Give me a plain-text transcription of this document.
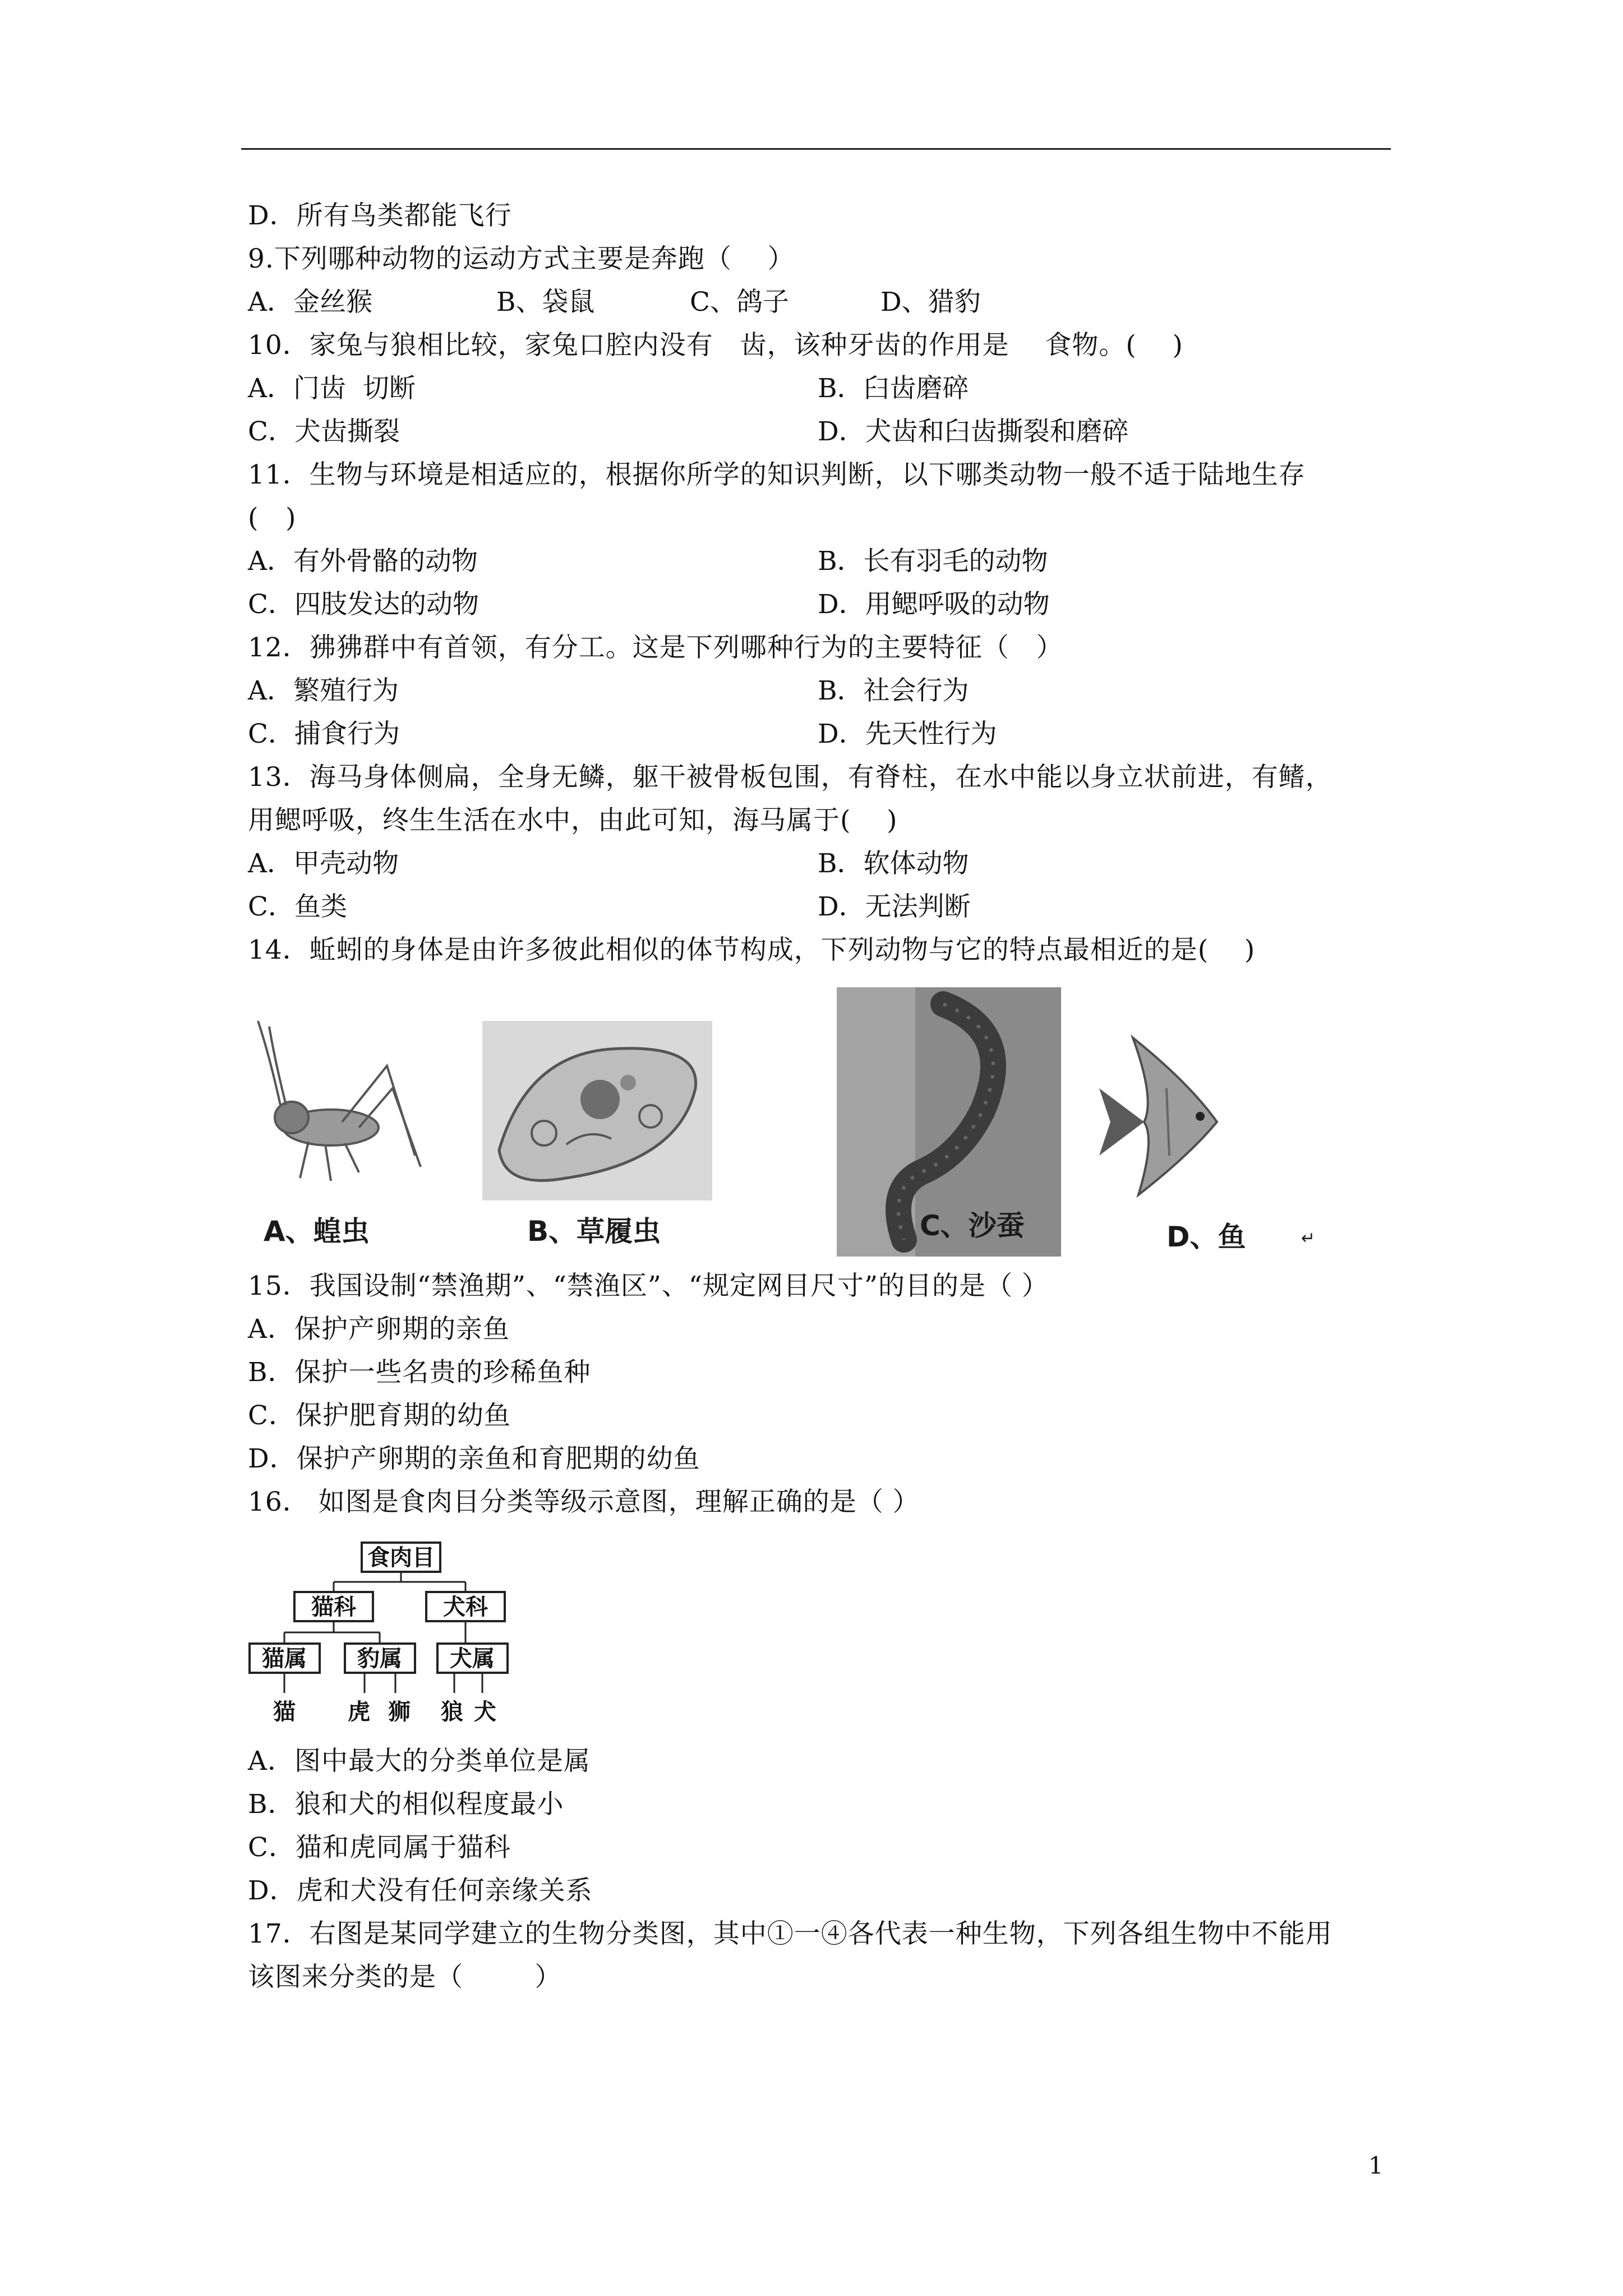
D．所有鸟类都能飞行
9.下列哪种动物的运动方式主要是奔跑（    ）
A．金丝猴	B、袋鼠	C、鸽子	D、猎豹
10．家兔与狼相比较，家兔口腔内没有   齿，该种牙齿的作用是    食物。(    )
A．门齿  切断	B．臼齿磨碎
C．犬齿撕裂	D．犬齿和臼齿撕裂和磨碎
11．生物与环境是相适应的，根据你所学的知识判断，以下哪类动物一般不适于陆地生存
(   )
A．有外骨骼的动物	B．长有羽毛的动物
C．四肢发达的动物	D．用鳃呼吸的动物
12．狒狒群中有首领，有分工。这是下列哪种行为的主要特征（   ）
A．繁殖行为	B．社会行为
C．捕食行为	D．先天性行为
13．海马身体侧扁，全身无鳞，躯干被骨板包围，有脊柱，在水中能以身立状前进，有鳍，
用鳃呼吸，终生生活在水中，由此可知，海马属于(    )
A．甲壳动物	B．软体动物
C．鱼类	D．无法判断
14．蚯蚓的身体是由许多彼此相似的体节构成，下列动物与它的特点最相近的是(    )
A、蝗虫	B、草履虫	C、沙蚕	D、鱼	↵
15．我国设制“禁渔期”、“禁渔区”、“规定网目尺寸”的目的是（ ）
A．保护产卵期的亲鱼
B．保护一些名贵的珍稀鱼种
C．保护肥育期的幼鱼
D．保护产卵期的亲鱼和育肥期的幼鱼
16． 如图是食肉目分类等级示意图，理解正确的是（ ）
食肉目
猫科	犬科
猫属 豹属 犬属
猫 虎 狮 狼 犬
A．图中最大的分类单位是属
B．狼和犬的相似程度最小
C．猫和虎同属于猫科
D．虎和犬没有任何亲缘关系
17．右图是某同学建立的生物分类图，其中①一④各代表一种生物，下列各组生物中不能用
该图来分类的是（        ）
1
